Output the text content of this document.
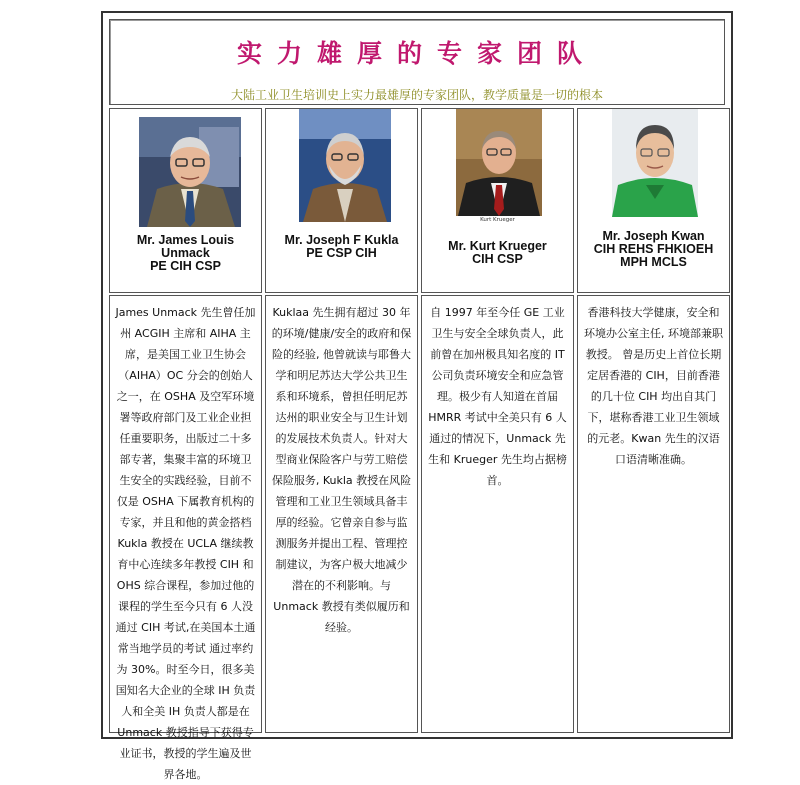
实力雄厚的专家团队
大陆工业卫生培训史上实力最雄厚的专家团队，教学质量是一切的根本
Mr. James Louis
Unmack
PE CIH CSP
James Unmack 先生曾任加州 ACGIH 主席和 AIHA 主席，是美国工业卫生协会（AIHA）OC 分会的创始人之一，在 OSHA 及空军环境署等政府部门及工业企业担任重要职务，出版过二十多部专著，集聚丰富的环境卫生安全的实践经验，目前不仅是 OSHA 下属教育机构的专家，并且和他的黄金搭档 Kukla 教授在 UCLA 继续教育中心连续多年教授 CIH 和 OHS 综合课程，参加过他的课程的学生至今只有 6 人没通过 CIH 考试,在美国本土通常当地学员的考试 通过率约为 30%。时至今日，很多美国知名大企业的全球 IH 负责人和全美 IH 负责人都是在 Unmack 教授指导下获得专业证书，教授的学生遍及世界各地。
Mr. Joseph F Kukla
PE CSP CIH
Kuklaa 先生拥有超过 30 年的环境/健康/安全的政府和保险的经验, 他曾就读与耶鲁大学和明尼苏达大学公共卫生系和环境系，曾担任明尼苏达州的职业安全与卫生计划的发展技术负责人。针对大型商业保险客户与劳工赔偿保险服务, Kukla 教授在风险管理和工业卫生领域具备丰厚的经验。它曾亲自参与监测服务并提出工程、管理控制建议，为客户极大地减少潜在的不利影响。与 Unmack 教授有类似履历和经验。
Kurt Krueger
Mr. Kurt Krueger
CIH CSP
自 1997 年至今任 GE 工业卫生与安全全球负责人，此前曾在加州极具知名度的 IT 公司负责环境安全和应急管理。极少有人知道在首届 HMRR 考试中全美只有 6 人通过的情况下，Unmack 先生和 Krueger 先生均占据榜首。
Mr. Joseph Kwan
CIH REHS FHKIOEH
MPH MCLS
香港科技大学健康，安全和环境办公室主任, 环境部兼职教授。 曾是历史上首位长期定居香港的 CIH，目前香港的几十位 CIH 均出自其门下，堪称香港工业卫生领域的元老。Kwan 先生的汉语口语清晰准确。
